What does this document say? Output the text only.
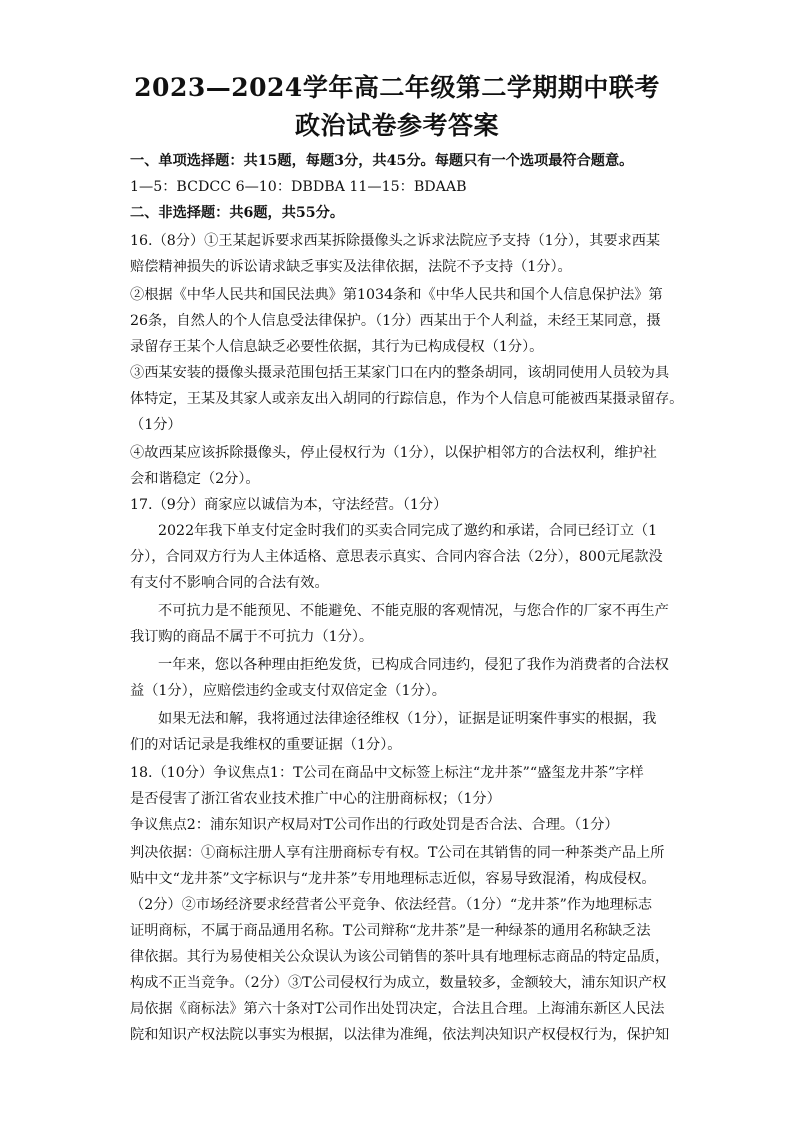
2023—2024学年高二年级第二学期期中联考
政治试卷参考答案
一、单项选择题：共15题，每题3分，共45分。每题只有一个选项最符合题意。
1—5：BCDCC 6—10：DBDBA 11—15：BDAAB
二、非选择题：共6题，共55分。
16.（8分）①王某起诉要求西某拆除摄像头之诉求法院应予支持（1分），其要求西某
赔偿精神损失的诉讼请求缺乏事实及法律依据，法院不予支持（1分）。
②根据《中华人民共和国民法典》第1034条和《中华人民共和国个人信息保护法》第
26条，自然人的个人信息受法律保护。（1分）西某出于个人利益，未经王某同意，摄
录留存王某个人信息缺乏必要性依据，其行为已构成侵权（1分）。
③西某安装的摄像头摄录范围包括王某家门口在内的整条胡同，该胡同使用人员较为具
体特定，王某及其家人或亲友出入胡同的行踪信息，作为个人信息可能被西某摄录留存。
（1分）
④故西某应该拆除摄像头，停止侵权行为（1分），以保护相邻方的合法权利，维护社
会和谐稳定（2分）。
17.（9分）商家应以诚信为本，守法经营。（1分）
2022年我下单支付定金时我们的买卖合同完成了邀约和承诺，合同已经订立（1
分），合同双方行为人主体适格、意思表示真实、合同内容合法（2分），800元尾款没
有支付不影响合同的合法有效。
不可抗力是不能预见、不能避免、不能克服的客观情况，与您合作的厂家不再生产
我订购的商品不属于不可抗力（1分）。
一年来，您以各种理由拒绝发货，已构成合同违约，侵犯了我作为消费者的合法权
益（1分），应赔偿违约金或支付双倍定金（1分）。
如果无法和解，我将通过法律途径维权（1分），证据是证明案件事实的根据，我
们的对话记录是我维权的重要证据（1分）。
18.（10分）争议焦点1：T公司在商品中文标签上标注“龙井茶”“盛玺龙井茶”字样
是否侵害了浙江省农业技术推广中心的注册商标权；（1分）
争议焦点2：浦东知识产权局对T公司作出的行政处罚是否合法、合理。（1分）
判决依据：①商标注册人享有注册商标专有权。T公司在其销售的同一种茶类产品上所
贴中文“龙井茶”文字标识与“龙井茶”专用地理标志近似，容易导致混淆，构成侵权。
（2分）②市场经济要求经营者公平竞争、依法经营。（1分）“龙井茶”作为地理标志
证明商标，不属于商品通用名称。T公司辩称“龙井茶”是一种绿茶的通用名称缺乏法
律依据。其行为易使相关公众误认为该公司销售的茶叶具有地理标志商品的特定品质，
构成不正当竞争。（2分）③T公司侵权行为成立，数量较多，金额较大，浦东知识产权
局依据《商标法》第六十条对T公司作出处罚决定，合法且合理。上海浦东新区人民法
院和知识产权法院以事实为根据，以法律为准绳，依法判决知识产权侵权行为，保护知
